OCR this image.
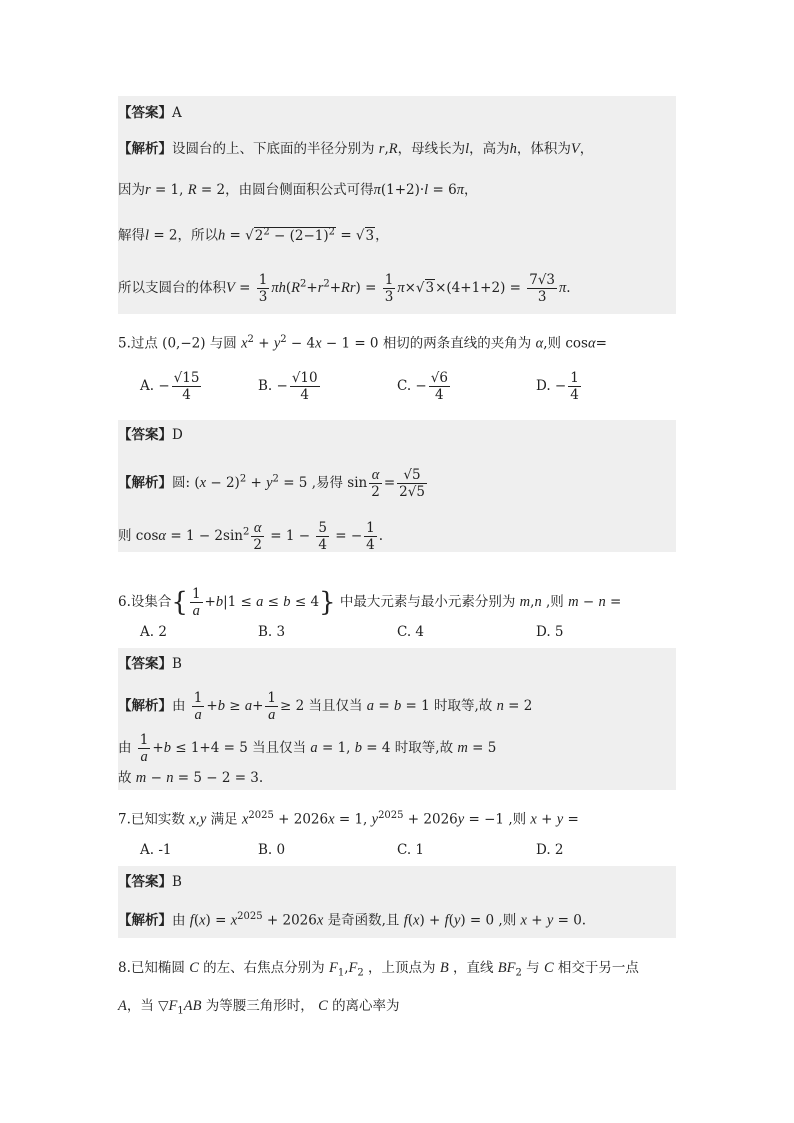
【答案】A
【解析】设圆台的上、下底面的半径分别为 r,R，母线长为l，高为h，体积为V，
因为r = 1, R = 2，由圆台侧面积公式可得π(1+2)·l = 6π，
解得l = 2，所以$h = √2^2 - (2-1)^2 = √3$，
所以支圆台的体积$V = \frac{1}{3} \pi h(R^2+r^2+Rr) = \frac{1}{3} \pi\times√3\times(4+1+2) = \frac{7√3}{3} \pi$.
5.过点 (0,−2) 与圆 $x^2 + y^2 - 4x - 1 = 0$ 相切的两条直线的夹角为 α,则 cosα=
A. − $\frac{√15}{4}$	B. − $\frac{√10}{4}$	C. − $\frac{√6}{4}$	D. − $\frac{1}{4}$
【答案】D
【解析】圆: $(x - 2)^2 + y^2 = 5$ ,易得 $\sin \frac{\alpha}{2} = \frac{√5}{2√5}$
则 $\cos\alpha = 1 - 2\sin^2 \frac{\alpha}{2} = 1 - \frac{5}{4}$ = − $\frac{1}{4}$ .
6.设集合{ $\frac{1}{a} +b|1 \le a \le b \le 4$} 中最大元素与最小元素分别为 m,n ,则 m − n =
A. 2	B. 3	C. 4	D. 5
【答案】B
【解析】由 $\frac{1}{a} +b \ge a+ \frac{1}{a} \ge 2$ 当且仅当 a = b = 1 时取等,故 n = 2
由 $\frac{1}{a} +b \le 1+4 = 5$ 当且仅当 a = 1, b = 4 时取等,故 m = 5
故 m − n = 5 − 2 = 3.
7.已知实数 x,y 满足 $x^{2025} + 2026x = 1$, $y^{2025} + 2026y = -1$ ,则 x + y =
A. -1	B. 0	C. 1	D. 2
【答案】B
【解析】由 $f(x) = x^{2025} + 2026x$ 是奇函数,且 f(x) + f(y) = 0 ,则 x + y = 0.
8.已知椭圆 C 的左、右焦点分别为 $F_1,F_2$ ，上顶点为 B ，直线 $BF_2$ 与 C 相交于另一点
A，当 $▽F_1AB$ 为等腰三角形时， C 的离心率为
